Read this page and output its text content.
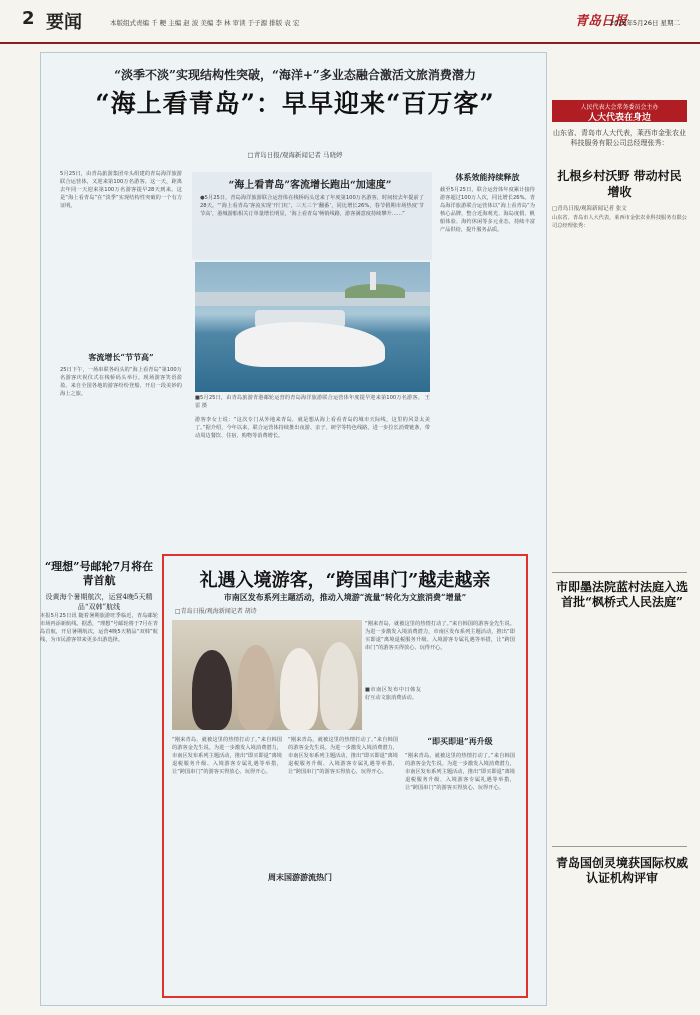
2 要闻	本版组式责编 千 粳 主编 赵 波 美编 李 林 审读 于子源 排版 袁 宏	青岛日报
2026年5月26日 星期二
“淡季不淡”实现结构性突破，“海洋+”多业态融合激活文旅消费潜力
“海上看青岛”：早早迎来“百万客”
□青岛日报/观海新闻记者 马晓婷
5月25日，由青岛旅游集团牵头组建的青岛海洋旅游联合运营体，又迎来第100万名游客。这一天，距离去年同一天迎来第100万名游客提早28天到来。这是“海上看青岛”在“淡季”实现结构性突破的一个有力证明。
客流增长“节节高”
25日下午，一场串联各码头的“海上看青岛”第100万名游客庆祝仪式在栈桥码头举行。现场游客笑语盈盈，来自全国各地的游客纷纷登船，开启一段美妙的海上之旅。
“海上看青岛”客流增长跑出“加速度”
●5月25日，青岛海洋旅游联合运营体在栈桥码头送来了年度第100万名游客，时间较去年提前了28天。“‘海上看青岛’客流实现‘开门红’，三天三个‘翻番’，同比增长26%，春节假期市场热度‘节节高’，港城游船相关订单量增长明显，‘海上看青岛’畅销线路，游客满意度持续攀升……”
■5月25日，由青岛旅游青港邮轮运营的青岛海洋旅游联合运营体年度提早迎来第100万名游客。 王 雷 摄
体系效能持续释放
截至5月25日，联合运营体年度累计接待游客超过100万人次，同比增长26%。青岛海洋旅游联合运营体以“海上看青岛”为核心品牌，整合近海观光、海岛度假、帆船体验、海钓休闲等多元业态，持续丰富产品供给，提升服务品质。
游客李女士说：“这次专门从外地来青岛，就是想从海上看看青岛的城市天际线，这里的风景太美了。”据介绍，今年以来，联合运营体持续推出夜游、亲子、研学等特色线路，进一步拉长消费链条，带动周边餐饮、住宿、购物等消费增长。
“理想”号邮轮7月将在青首航
设黄海个暑期航次，运营4晚5天精品“双韩”航线
本报5月25日讯 随着暑期旅游旺季临近，青岛邮轮市场再添新航线。据悉，“理想”号邮轮将于7月在青岛首航，开启暑期航次，运营4晚5天精品“双韩”航线，为市民游客带来更多出游选择。
礼遇入境游客，“跨国串门”越走越亲
市南区发布系列主题活动，推动入境游“流量”转化为文旅消费“增量”
□青岛日报/观海新闻记者 胡诗
■市南区发布中日韩友好互动文旅消费活动。
“刚来青岛，就被这里的热情打动了。”来自韩国的游客金先生说。为进一步激发入境消费潜力，市南区发布系列主题活动，推出“即买即退”离境退税服务升级、入境游客专属礼遇等举措，让“跨国串门”的游客买得放心、玩得开心。
“即买即退”再升级
周末国游游流热门
“刚来青岛，就被这里的热情打动了。”来自韩国的游客金先生说。为进一步激发入境消费潜力，市南区发布系列主题活动，推出“即买即退”离境退税服务升级、入境游客专属礼遇等举措，让“跨国串门”的游客买得放心、玩得开心。
“刚来青岛，就被这里的热情打动了。”来自韩国的游客金先生说。为进一步激发入境消费潜力，市南区发布系列主题活动，推出“即买即退”离境退税服务升级、入境游客专属礼遇等举措，让“跨国串门”的游客买得放心、玩得开心。
“刚来青岛，就被这里的热情打动了。”来自韩国的游客金先生说。为进一步激发入境消费潜力，市南区发布系列主题活动，推出“即买即退”离境退税服务升级、入境游客专属礼遇等举措，让“跨国串门”的游客买得放心、玩得开心。
人民代表大会常务委员会主办
人大代表在身边
山东省、青岛市人大代表，莱西市金张农业科技服务有限公司总经理张秀：
扎根乡村沃野 带动村民增收
□青岛日报/观海新闻记者 张文
山东省、青岛市人大代表，莱西市金张农业科技服务有限公司总经理张秀：
市即墨法院蓝村法庭入选首批“枫桥式人民法庭”
青岛国创灵境获国际权威认证机构评审
